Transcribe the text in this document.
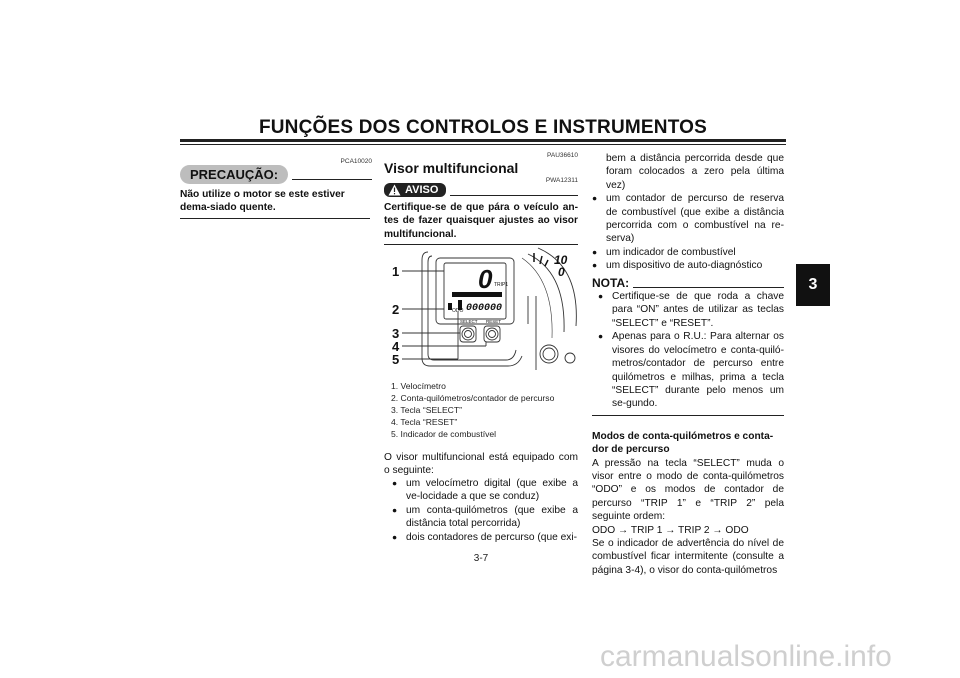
FUNÇÕES DOS CONTROLOS E INSTRUMENTOS
3
PCA10020
PRECAUÇÃO:
Não utilize o motor se este estiver dema-siado quente.
PAU36610
Visor multifuncional
PWA12311
AVISO
Certifique-se de que pára o veículo an-tes de fazer quaisquer ajustes ao visor multifuncional.
0 TRIP1
ODO 000000
SELECT RESET
10
0
1
2
3
4
5
1. Velocímetro
2. Conta-quilómetros/contador de percurso
3. Tecla “SELECT”
4. Tecla “RESET”
5. Indicador de combustível
O visor multifuncional está equipado com o seguinte:
● um velocímetro digital (que exibe a ve-locidade a que se conduz)
● um conta-quilómetros (que exibe a distância total percorrida)
● dois contadores de percurso (que exi-
bem a distância percorrida desde que foram colocados a zero pela última vez)
● um contador de percurso de reserva de combustível (que exibe a distância percorrida com o combustível na re-serva)
● um indicador de combustível
● um dispositivo de auto-diagnóstico
NOTA:
● Certifique-se de que roda a chave para “ON” antes de utilizar as teclas “SELECT” e “RESET”.
● Apenas para o R.U.: Para alternar os visores do velocímetro e conta-quiló-metros/contador de percurso entre quilómetros e milhas, prima a tecla “SELECT” durante pelo menos um se-gundo.
Modos de conta-quilómetros e conta-dor de percurso
A pressão na tecla “SELECT” muda o visor entre o modo de conta-quilómetros “ODO” e os modos de contador de percurso “TRIP 1” e “TRIP 2” pela seguinte ordem:
ODO → TRIP 1 → TRIP 2 → ODO
Se o indicador de advertência do nível de combustível ficar intermitente (consulte a página 3-4), o visor do conta-quilómetros
3-7
carmanualsonline.info
